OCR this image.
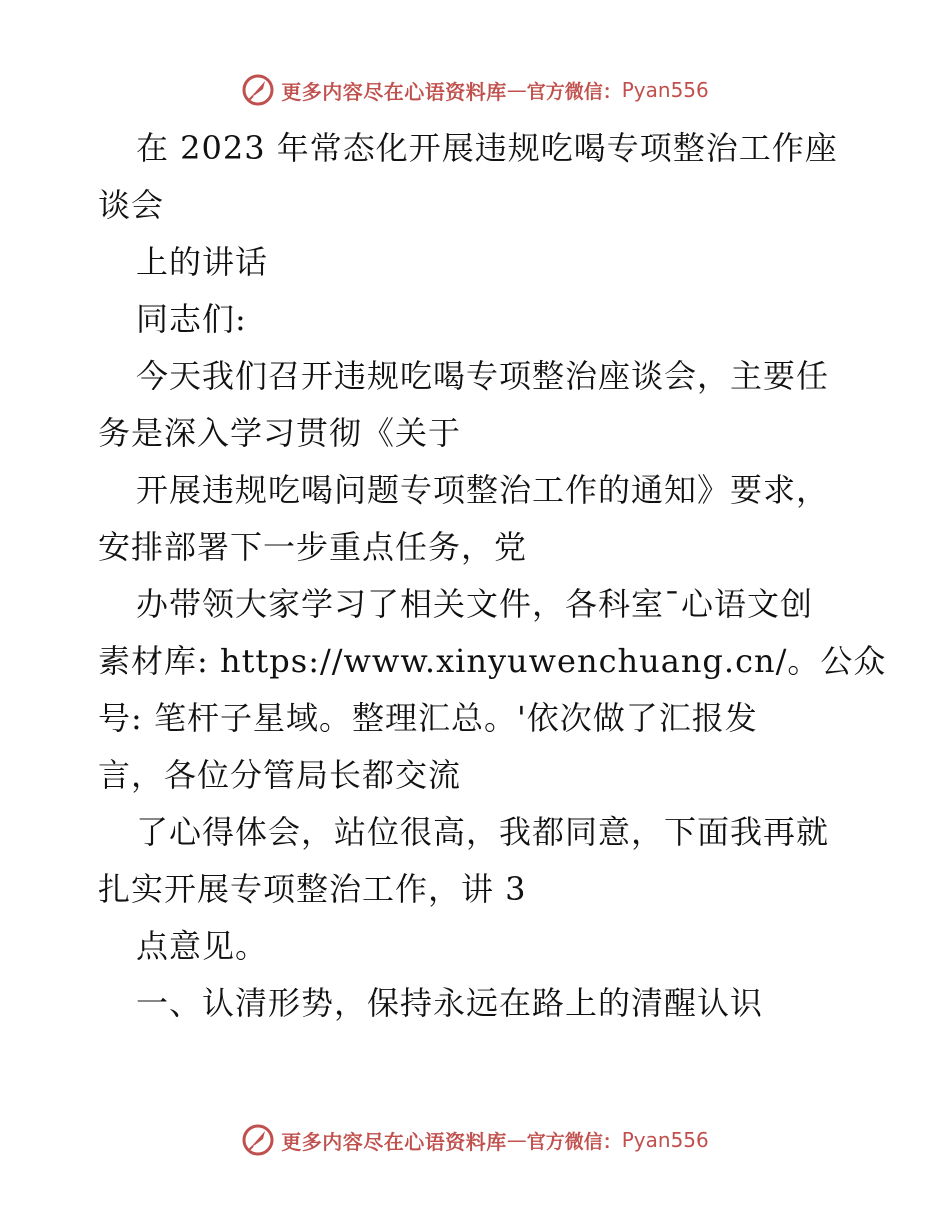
更多内容尽在心语资料库 — 官方微信： Pyan556
在 2023 年常态化开展违规吃喝专项整治工作座
谈会
上的讲话
同志们:
今天我们召开违规吃喝专项整治座谈会，主要任
务是深入学习贯彻《关于
开展违规吃喝问题专项整治工作的通知》要求，
安排部署下一步重点任务，党
办带领大家学习了相关文件，各科室¯心语文创
素材库: https://www.xinyuwenchuang.cn/。公众
号: 笔杆子星域。整理汇总。'依次做了汇报发
言，各位分管局长都交流
了心得体会，站位很高，我都同意，下面我再就
扎实开展专项整治工作，讲 3
点意见。
一、认清形势，保持永远在路上的清醒认识
更多内容尽在心语资料库 — 官方微信： Pyan556
